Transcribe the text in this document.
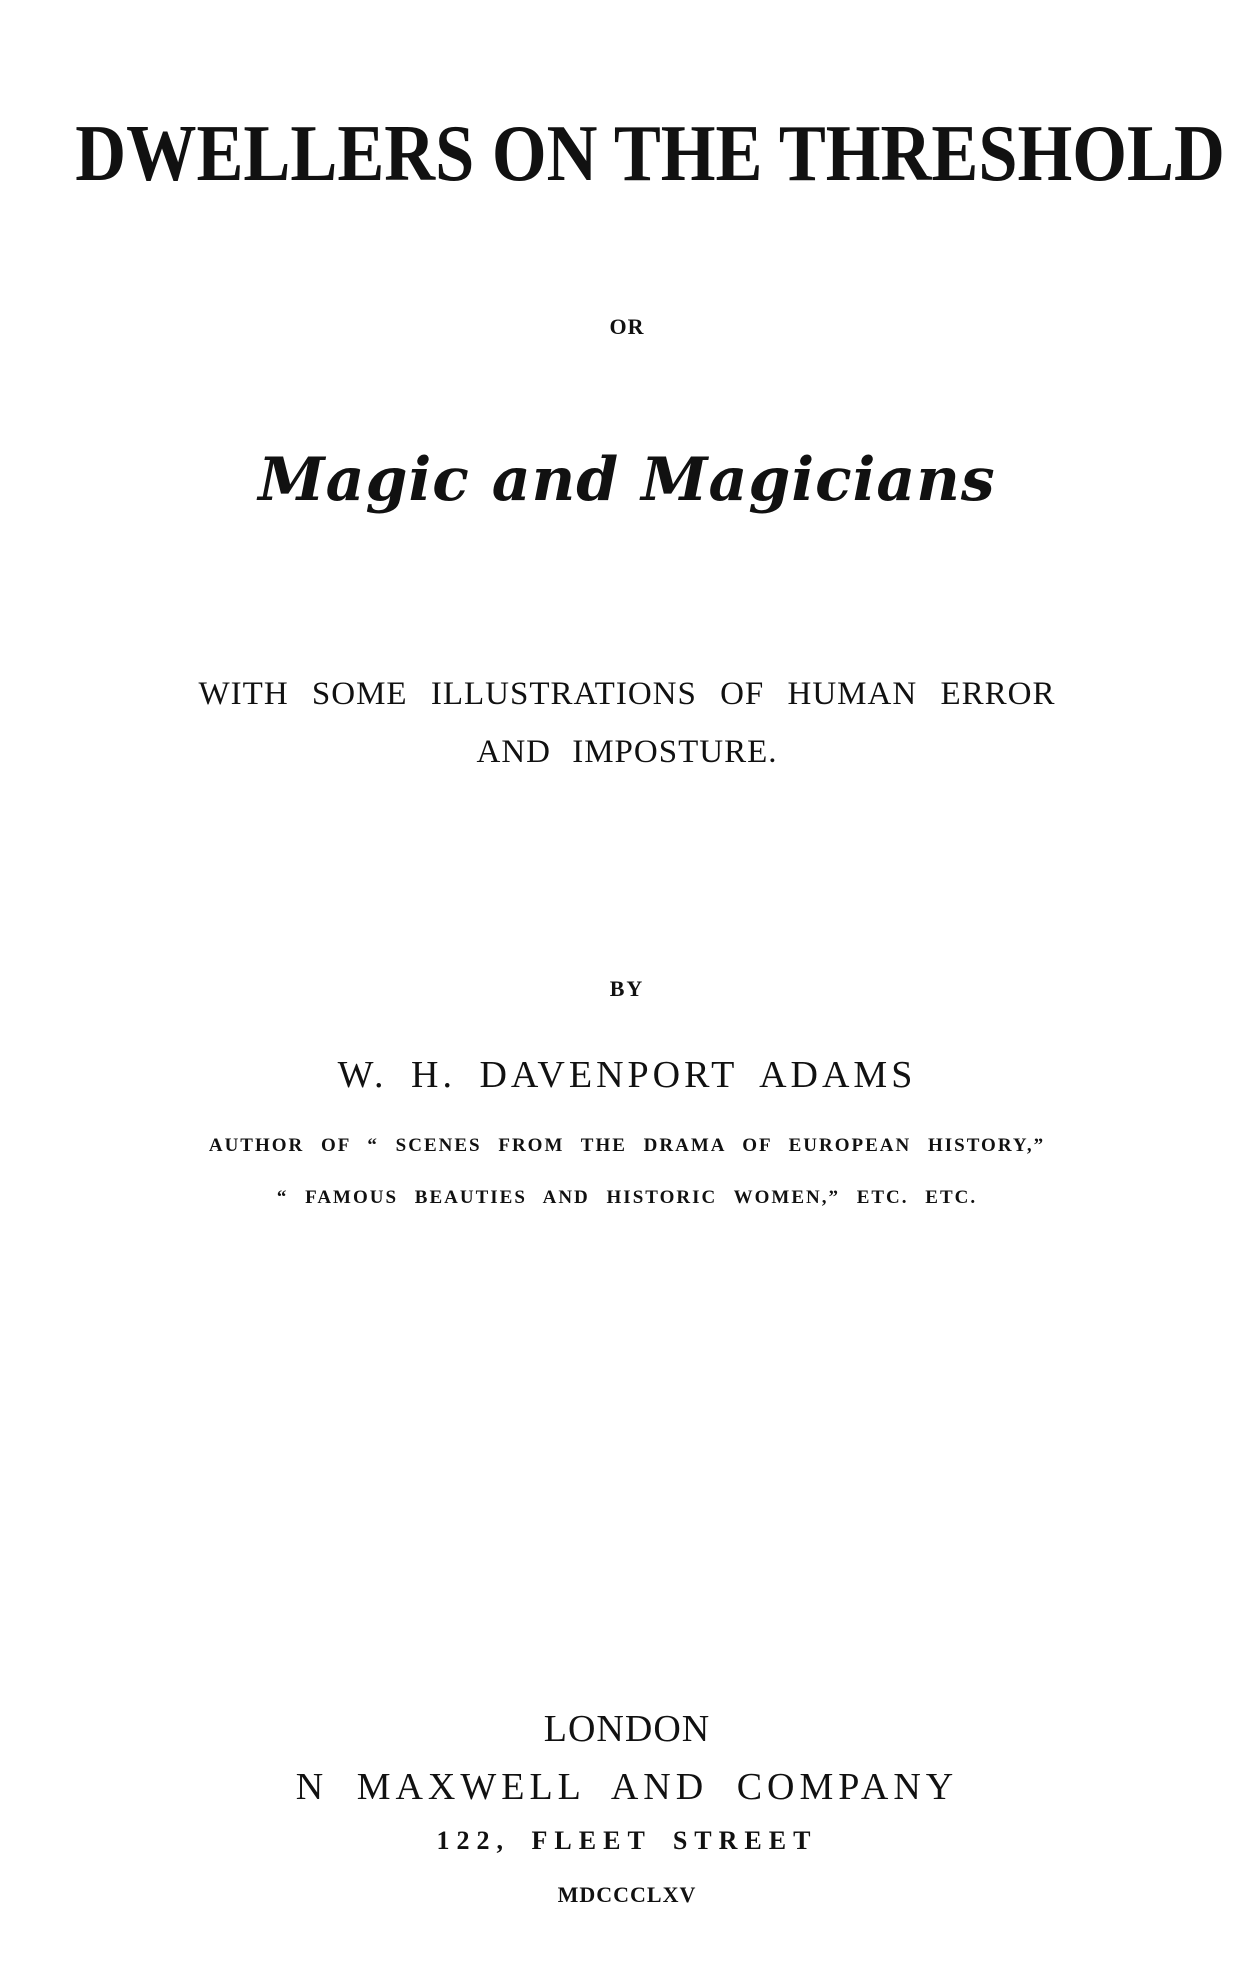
DWELLERS ON THE THRESHOLD

OR

Magic and Magicians

WITH SOME ILLUSTRATIONS OF HUMAN ERROR

AND IMPOSTURE.

BY

W. H. DAVENPORT ADAMS

AUTHOR OF “ SCENES FROM THE DRAMA OF EUROPEAN HISTORY,”

“ FAMOUS BEAUTIES AND HISTORIC WOMEN,” ETC. ETC.

LONDON

N MAXWELL AND COMPANY

122, FLEET STREET

MDCCCLXV
